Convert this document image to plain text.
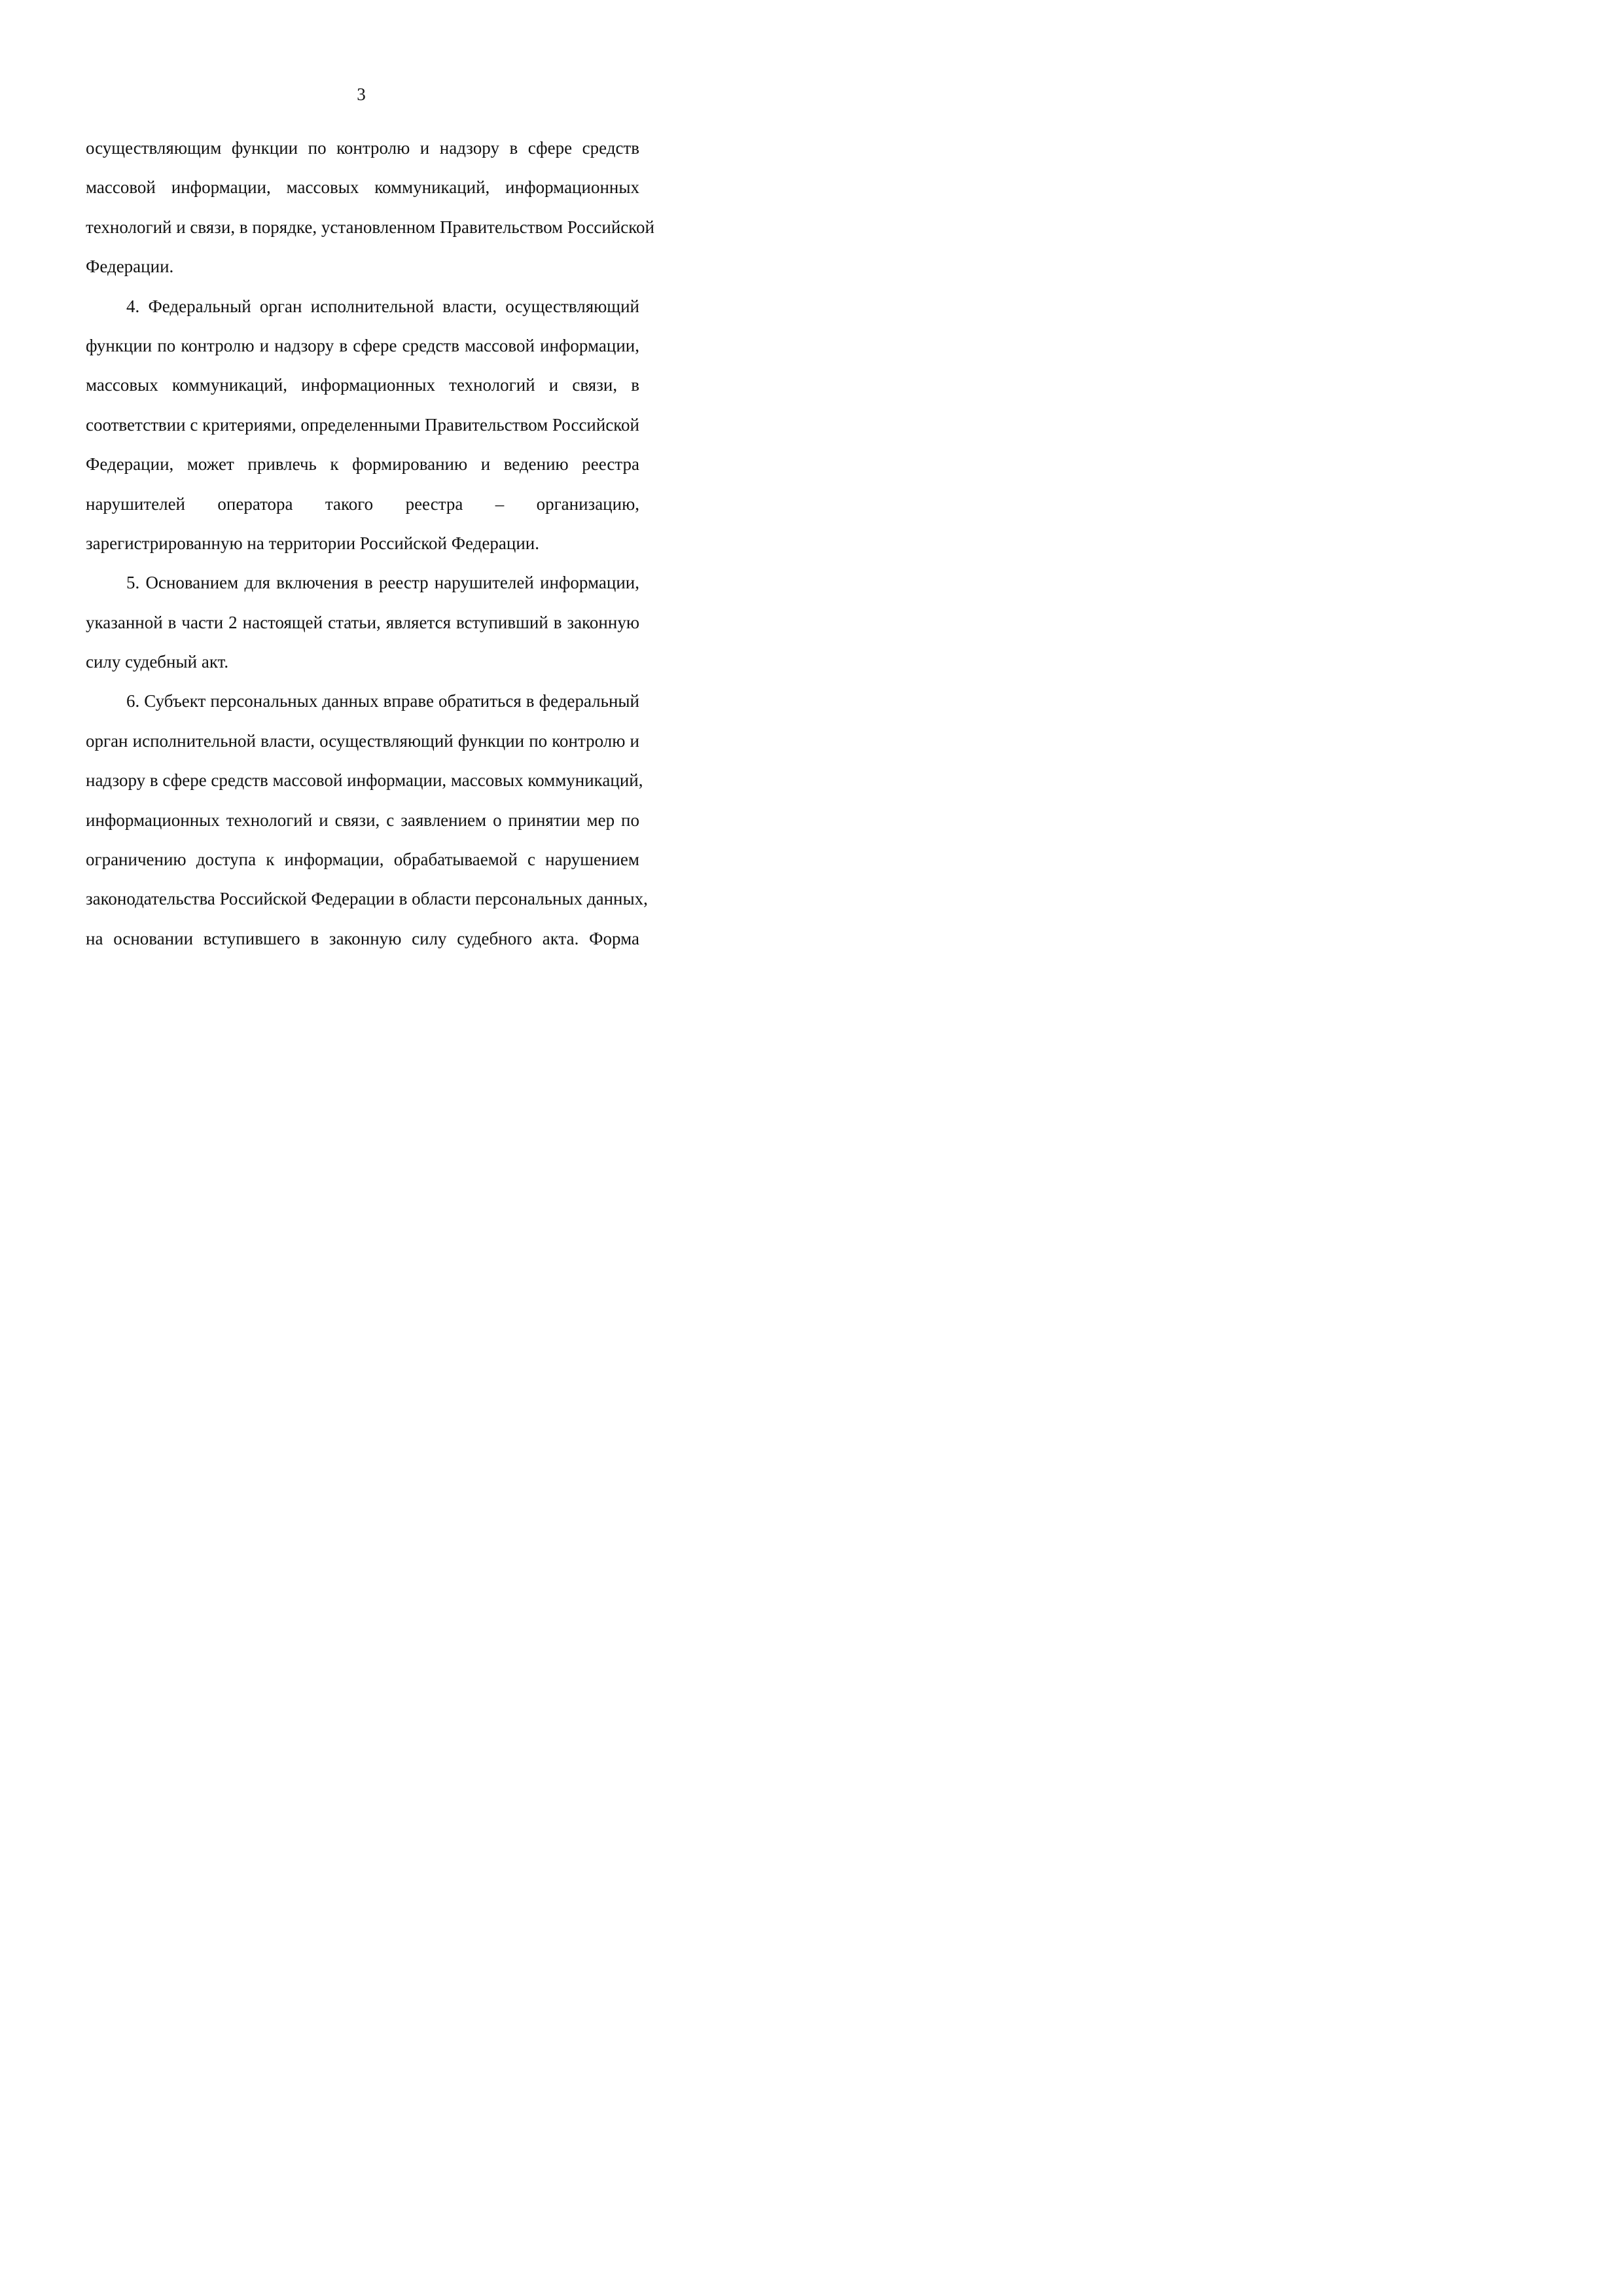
3
осуществляющим функции по контролю и надзору в сфере средств
массовой информации, массовых коммуникаций, информационных
технологий и связи, в порядке, установленном Правительством Российской
Федерации.
4. Федеральный орган исполнительной власти, осуществляющий
функции по контролю и надзору в сфере средств массовой информации,
массовых коммуникаций, информационных технологий и связи, в
соответствии с критериями, определенными Правительством Российской
Федерации, может привлечь к формированию и ведению реестра
нарушителей оператора такого реестра – организацию,
зарегистрированную на территории Российской Федерации.
5. Основанием для включения в реестр нарушителей информации,
указанной в части 2 настоящей статьи, является вступивший в законную
силу судебный акт.
6. Субъект персональных данных вправе обратиться в федеральный
орган исполнительной власти, осуществляющий функции по контролю и
надзору в сфере средств массовой информации, массовых коммуникаций,
информационных технологий и связи, с заявлением о принятии мер по
ограничению доступа к информации, обрабатываемой с нарушением
законодательства Российской Федерации в области персональных данных,
на основании вступившего в законную силу судебного акта. Форма
